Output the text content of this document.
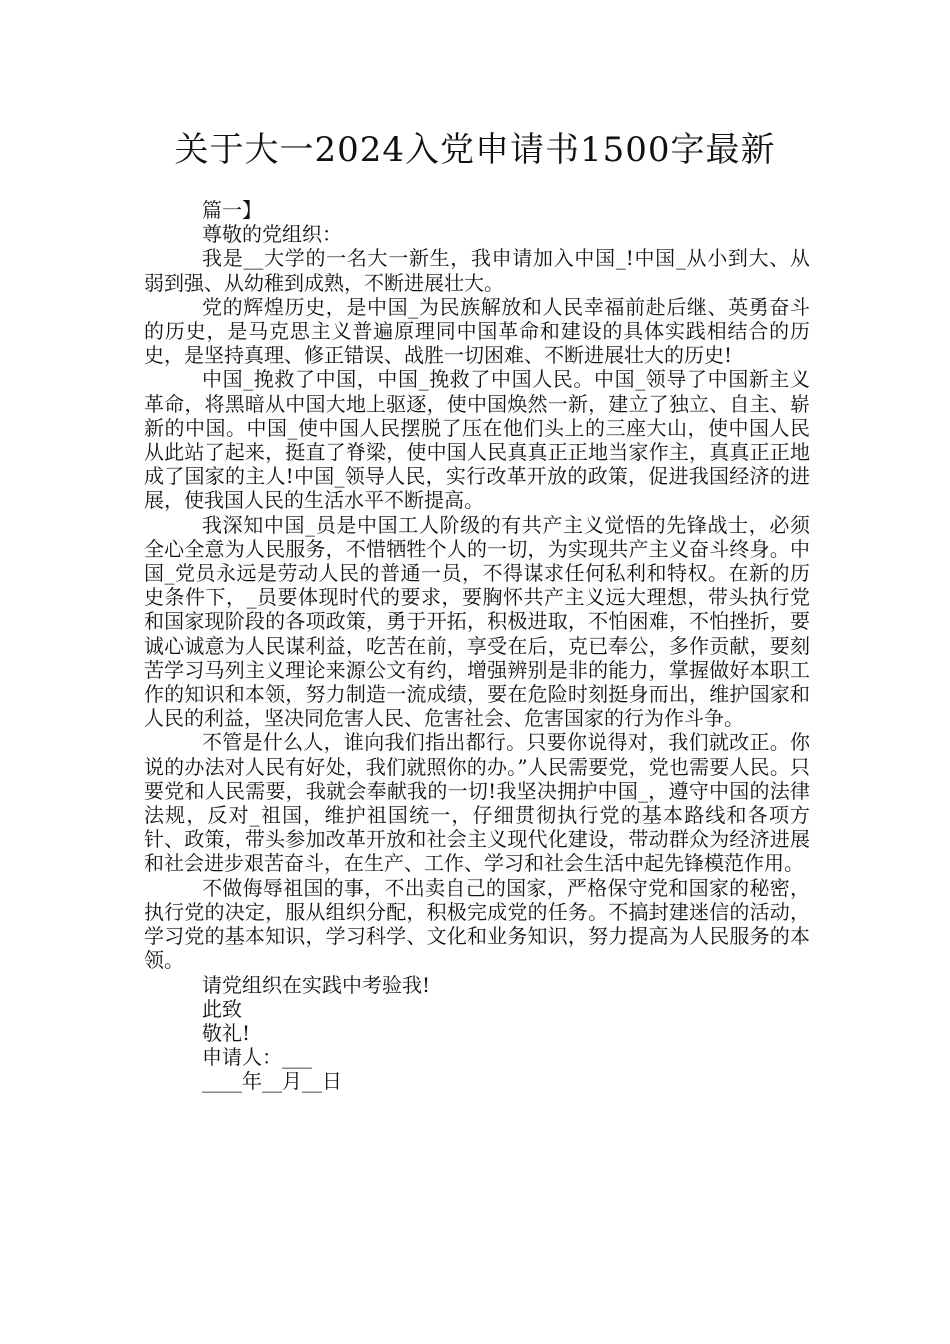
关于大一2024入党申请书1500字最新

篇一】

尊敬的党组织：

我是__大学的一名大一新生，我申请加入中国_!中国_从小到大、从弱到强、从幼稚到成熟，不断进展壮大。

党的辉煌历史，是中国_为民族解放和人民幸福前赴后继、英勇奋斗的历史，是马克思主义普遍原理同中国革命和建设的具体实践相结合的历史，是坚持真理、修正错误、战胜一切困难、不断进展壮大的历史!

中国_挽救了中国，中国_挽救了中国人民。中国_领导了中国新主义革命，将黑暗从中国大地上驱逐，使中国焕然一新，建立了独立、自主、崭新的中国。中国_使中国人民摆脱了压在他们头上的三座大山，使中国人民从此站了起来，挺直了脊梁，使中国人民真真正正地当家作主，真真正正地成了国家的主人!中国_领导人民，实行改革开放的政策，促进我国经济的进展，使我国人民的生活水平不断提高。

我深知中国_员是中国工人阶级的有共产主义觉悟的先锋战士，必须全心全意为人民服务，不惜牺牲个人的一切，为实现共产主义奋斗终身。中国_党员永远是劳动人民的普通一员，不得谋求任何私利和特权。在新的历史条件下，_员要体现时代的要求，要胸怀共产主义远大理想，带头执行党和国家现阶段的各项政策，勇于开拓，积极进取，不怕困难，不怕挫折，要诚心诚意为人民谋利益，吃苦在前，享受在后，克已奉公，多作贡献，要刻苦学习马列主义理论来源公文有约，增强辨别是非的能力，掌握做好本职工作的知识和本领，努力制造一流成绩，要在危险时刻挺身而出，维护国家和人民的利益，坚决同危害人民、危害社会、危害国家的行为作斗争。

不管是什么人，谁向我们指出都行。只要你说得对，我们就改正。你说的办法对人民有好处，我们就照你的办。”人民需要党，党也需要人民。只要党和人民需要，我就会奉献我的一切!我坚决拥护中国_，遵守中国的法律法规，反对_祖国，维护祖国统一，仔细贯彻执行党的基本路线和各项方针、政策，带头参加改革开放和社会主义现代化建设，带动群众为经济进展和社会进步艰苦奋斗，在生产、工作、学习和社会生活中起先锋模范作用。

不做侮辱祖国的事，不出卖自己的国家，严格保守党和国家的秘密，执行党的决定，服从组织分配，积极完成党的任务。不搞封建迷信的活动，学习党的基本知识，学习科学、文化和业务知识，努力提高为人民服务的本领。

请党组织在实践中考验我!

此致

敬礼!

申请人：___

____年__月__日
